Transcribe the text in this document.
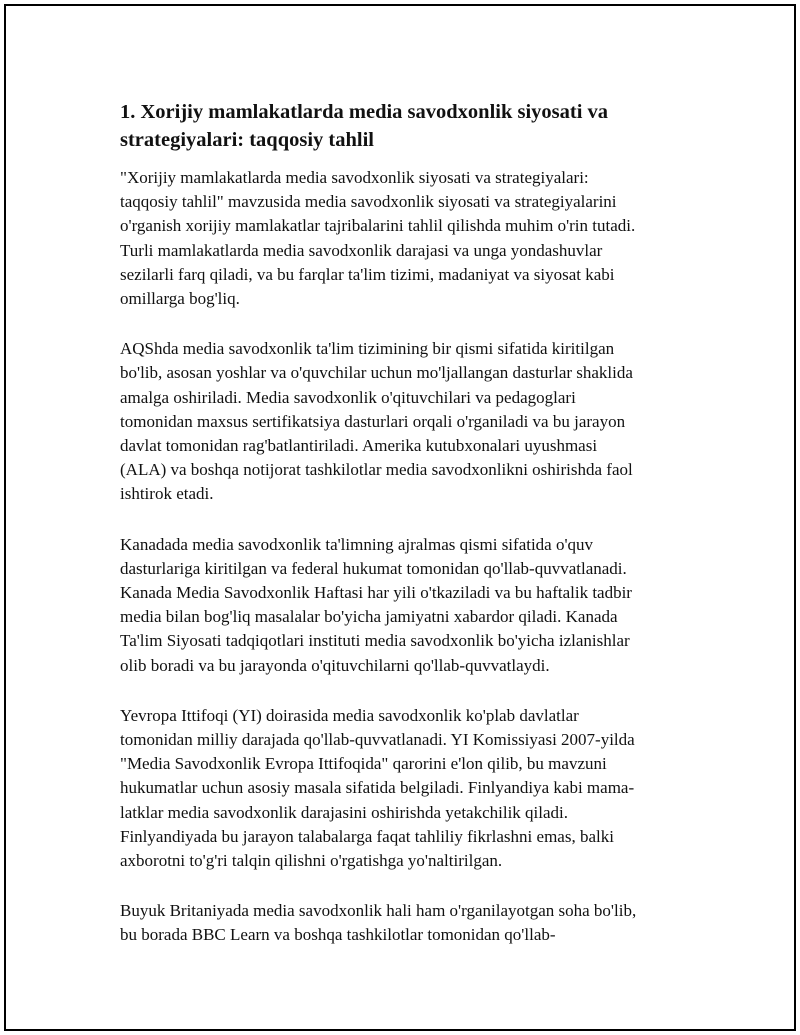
1. Xorijiy mamlakatlarda media savodxonlik siyosati va
strategiyalari: taqqosiy tahlil

"Xorijiy mamlakatlarda media savodxonlik siyosati va strategiyalari:
taqqosiy tahlil" mavzusida media savodxonlik siyosati va strategiyalarini
o'rganish xorijiy mamlakatlar tajribalarini tahlil qilishda muhim o'rin tutadi.
Turli mamlakatlarda media savodxonlik darajasi va unga yondashuvlar
sezilarli farq qiladi, va bu farqlar ta'lim tizimi, madaniyat va siyosat kabi
omillarga bog'liq.

AQShda media savodxonlik ta'lim tizimining bir qismi sifatida kiritilgan
bo'lib, asosan yoshlar va o'quvchilar uchun mo'ljallangan dasturlar shaklida
amalga oshiriladi. Media savodxonlik o'qituvchilari va pedagoglari
tomonidan maxsus sertifikatsiya dasturlari orqali o'rganiladi va bu jarayon
davlat tomonidan rag'batlantiriladi. Amerika kutubxonalari uyushmasi
(ALA) va boshqa notijorat tashkilotlar media savodxonlikni oshirishda faol
ishtirok etadi.

Kanadada media savodxonlik ta'limning ajralmas qismi sifatida o'quv
dasturlariga kiritilgan va federal hukumat tomonidan qo'llab-quvvatlanadi.
Kanada Media Savodxonlik Haftasi har yili o'tkaziladi va bu haftalik tadbir
media bilan bog'liq masalalar bo'yicha jamiyatni xabardor qiladi. Kanada
Ta'lim Siyosati tadqiqotlari instituti media savodxonlik bo'yicha izlanishlar
olib boradi va bu jarayonda o'qituvchilarni qo'llab-quvvatlaydi.

Yevropa Ittifoqi (YI) doirasida media savodxonlik ko'plab davlatlar
tomonidan milliy darajada qo'llab-quvvatlanadi. YI Komissiyasi 2007-yilda
"Media Savodxonlik Evropa Ittifoqida" qarorini e'lon qilib, bu mavzuni
hukumatlar uchun asosiy masala sifatida belgiladi. Finlyandiya kabi mama-
latklar media savodxonlik darajasini oshirishda yetakchilik qiladi.
Finlyandiyada bu jarayon talabalarga faqat tahliliy fikrlashni emas, balki
axborotni to'g'ri talqin qilishni o'rgatishga yo'naltirilgan.

Buyuk Britaniyada media savodxonlik hali ham o'rganilayotgan soha bo'lib,
bu borada BBC Learn va boshqa tashkilotlar tomonidan qo'llab-
